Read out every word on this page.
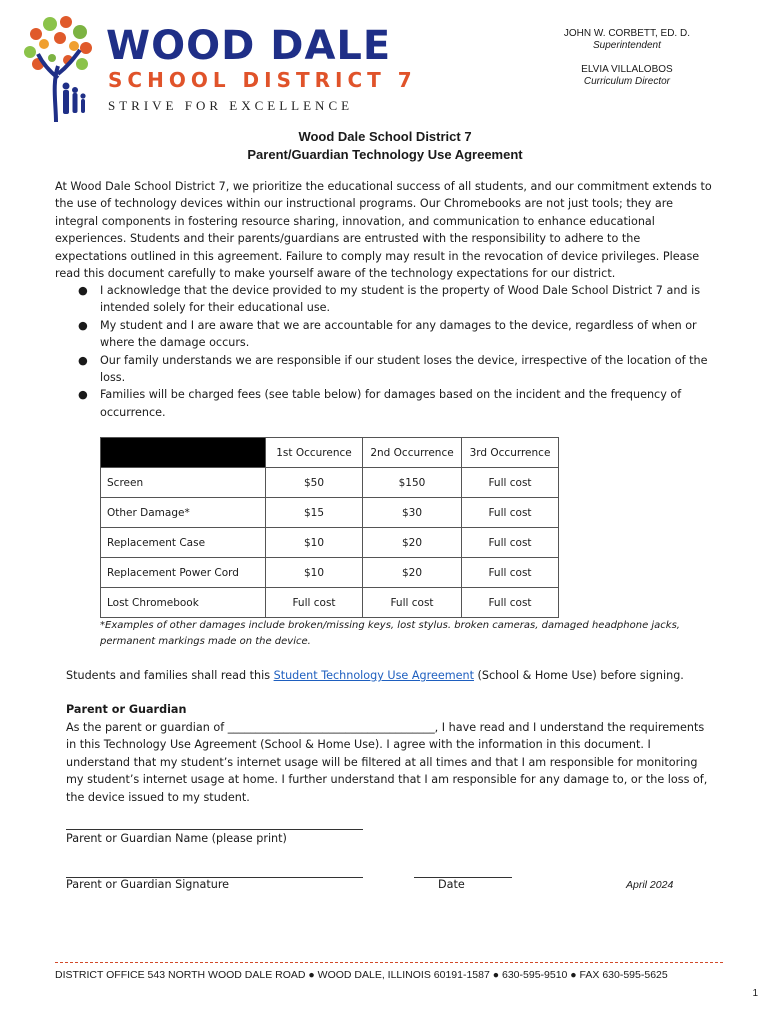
WOOD DALE
SCHOOL DISTRICT 7
STRIVE FOR EXCELLENCE
JOHN W. CORBETT, ED. D.
Superintendent
ELVIA VILLALOBOS
Curriculum Director
Wood Dale School District 7
Parent/Guardian Technology Use Agreement
At Wood Dale School District 7, we prioritize the educational success of all students, and our commitment extends to the use of technology devices within our instructional programs. Our Chromebooks are not just tools; they are integral components in fostering resource sharing, innovation, and communication to enhance educational experiences. Students and their parents/guardians are entrusted with the responsibility to adhere to the expectations outlined in this agreement. Failure to comply may result in the revocation of device privileges. Please read this document carefully to make yourself aware of the technology expectations for our district.
● I acknowledge that the device provided to my student is the property of Wood Dale School District 7 and is intended solely for their educational use.
● My student and I are aware that we are accountable for any damages to the device, regardless of when or where the damage occurs.
● Our family understands we are responsible if our student loses the device, irrespective of the location of the loss.
● Families will be charged fees (see table below) for damages based on the incident and the frequency of occurrence.
	1st Occurence	2nd Occurrence	3rd Occurrence
Screen	$50	$150	Full cost
Other Damage*	$15	$30	Full cost
Replacement Case	$10	$20	Full cost
Replacement Power Cord	$10	$20	Full cost
Lost Chromebook	Full cost	Full cost	Full cost
*Examples of other damages include broken/missing keys, lost stylus. broken cameras, damaged headphone jacks, permanent markings made on the device.
Students and families shall read this Student Technology Use Agreement (School & Home Use) before signing.
Parent or Guardian
As the parent or guardian of _____________________________________, I have read and I understand the requirements in this Technology Use Agreement (School & Home Use). I agree with the information in this document. I understand that my student’s internet usage will be filtered at all times and that I am responsible for monitoring my student’s internet usage at home. I further understand that I am responsible for any damage to, or the loss of, the device issued to my student.
Parent or Guardian Name (please print)
Parent or Guardian Signature	Date	April 2024
DISTRICT OFFICE 543 NORTH WOOD DALE ROAD ● WOOD DALE, ILLINOIS 60191-1587 ● 630-595-9510 ● FAX 630-595-5625
1
